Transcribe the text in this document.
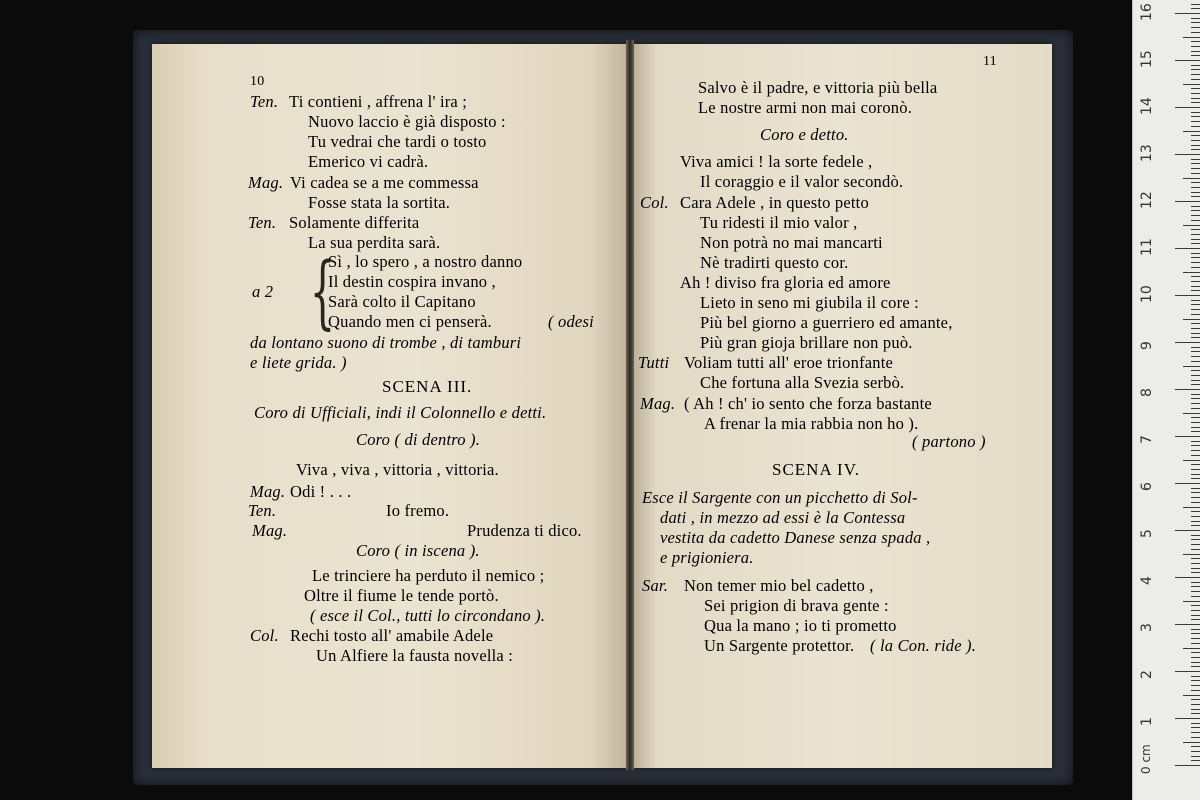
10
Ten. Ti contieni , affrena l' ira ;
Nuovo laccio è già disposto :
Tu vedrai che tardi o tosto
Emerico vi cadrà.
Mag. Vi cadea se a me commessa
Fosse stata la sortita.
Ten. Solamente differita
La sua perdita sarà.
{
Sì , lo spero , a nostro danno
a 2
Il destin cospira invano ,
Sarà colto il Capitano
Quando men ci penserà.	( odesi
da lontano suono di trombe , di tamburi
e liete grida. )
SCENA III.
Coro di Ufficiali, indi il Colonnello e detti.
Coro ( di dentro ).
Viva , viva , vittoria , vittoria.
Mag. Odi ! . . .
Ten.	Io fremo.
Mag.	Prudenza ti dico.
Coro ( in iscena ).
Le trinciere ha perduto il nemico ;
Oltre il fiume le tende portò.
( esce il Col., tutti lo circondano ).
Col. Rechi tosto all' amabile Adele
Un Alfiere la fausta novella :
11
Salvo è il padre, e vittoria più bella
Le nostre armi non mai coronò.
Coro e detto.
Viva amici ! la sorte fedele ,
Il coraggio e il valor secondò.
Col. Cara Adele , in questo petto
Tu ridesti il mio valor ,
Non potrà no mai mancarti
Nè tradirti questo cor.
Ah ! diviso fra gloria ed amore
Lieto in seno mi giubila il core :
Più bel giorno a guerriero ed amante,
Più gran gioja brillare non può.
Tutti Voliam tutti all' eroe trionfante
Che fortuna alla Svezia serbò.
Mag. ( Ah ! ch' io sento che forza bastante
A frenar la mia rabbia non ho ).
( partono )
SCENA IV.
Esce il Sargente con un picchetto di Sol-
dati , in mezzo ad essi è la Contessa
vestita da cadetto Danese senza spada ,
e prigioniera.
Sar. Non temer mio bel cadetto ,
Sei prigion di brava gente :
Qua la mano ; io ti prometto
Un Sargente protettor. ( la Con. ride ).
0 cm
16
15
14
13
12
11
10
9
8
7
6
5
4
3
2
1
